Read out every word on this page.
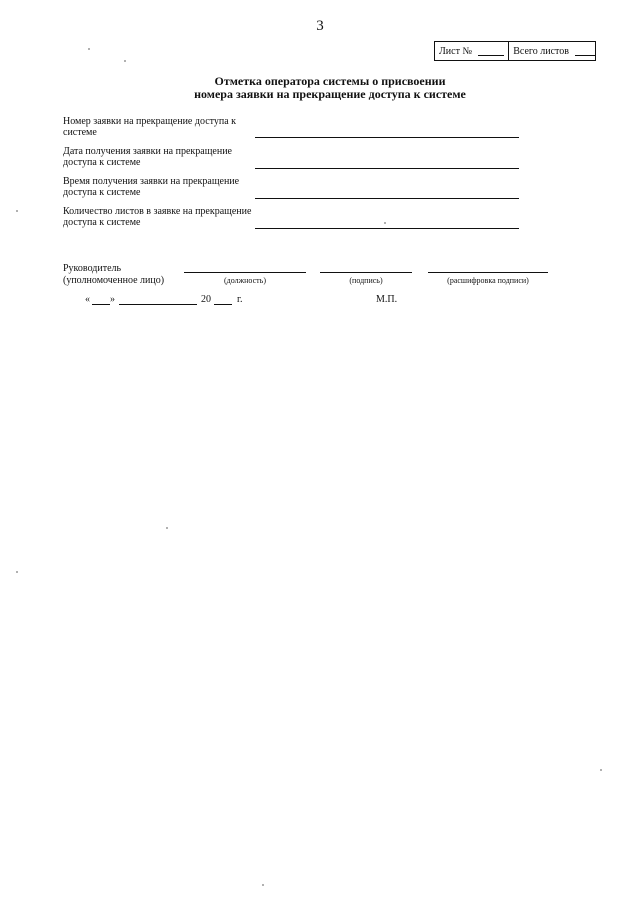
3
Лист №	Всего листов
Отметка оператора системы о присвоении
номера заявки на прекращение доступа к системе
Номер заявки на прекращение доступа к
системе
Дата получения заявки на прекращение
доступа к системе
Время получения заявки на прекращение
доступа к системе
Количество листов в заявке на прекращение
доступа к системе
Руководитель
(уполномоченное лицо)	(должность)	(подпись)	(расшифровка подписи)
« »	20	г.	М.П.
